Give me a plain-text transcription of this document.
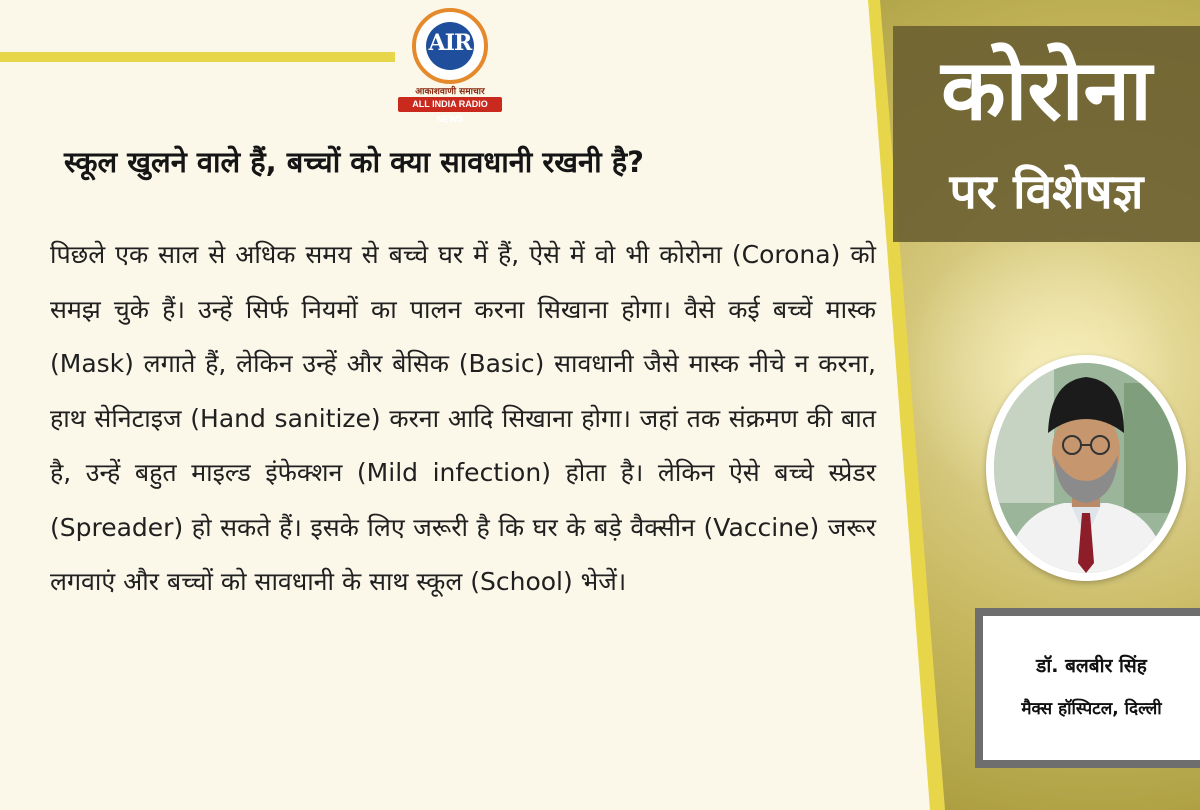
AIR
आकाशवाणी समाचार
ALL INDIA RADIO NEWS
स्कूल खुलने वाले हैं, बच्चों को क्या सावधानी रखनी है?
पिछले एक साल से अधिक समय से बच्चे घर में हैं, ऐसे में वो भी कोरोना (Corona) को समझ चुके हैं। उन्हें सिर्फ नियमों का पालन करना सिखाना होगा। वैसे कई बच्चें मास्क (Mask) लगाते हैं, लेकिन उन्हें और बेसिक (Basic) सावधानी जैसे मास्क नीचे न करना, हाथ सेनिटाइज (Hand sanitize) करना आदि सिखाना होगा। जहां तक संक्रमण की बात है, उन्हें बहुत माइल्ड इंफेक्शन (Mild infection) होता है। लेकिन ऐसे बच्चे स्प्रेडर (Spreader) हो सकते हैं। इसके लिए जरूरी है कि घर के बड़े वैक्सीन (Vaccine) जरूर लगवाएं और बच्चों को सावधानी के साथ स्कूल (School) भेजें।
कोरोना
पर विशेषज्ञ
डॉ. बलबीर सिंह
मैक्स हॉस्पिटल, दिल्ली
